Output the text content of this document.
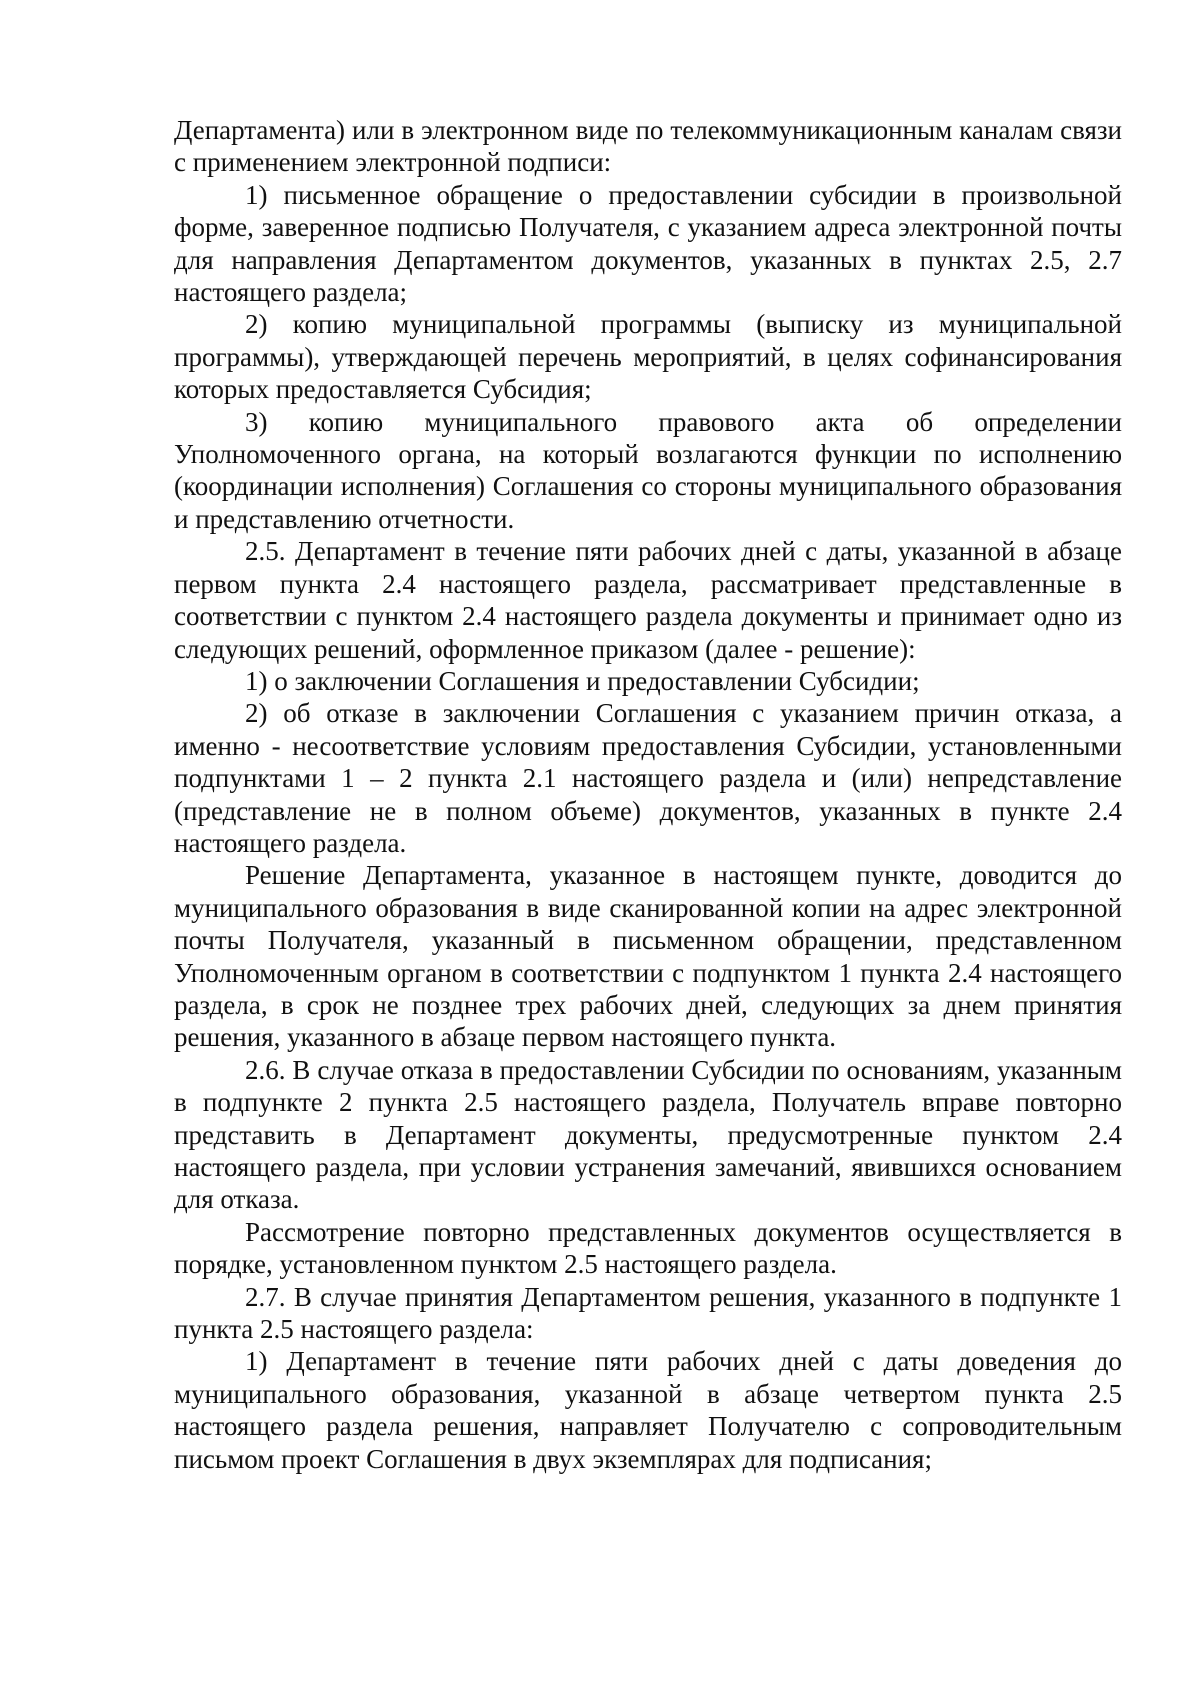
Департамента) или в электронном виде по телекоммуникационным каналам связи с применением электронной подписи:

1) письменное обращение о предоставлении субсидии в произвольной форме, заверенное подписью Получателя, с указанием адреса электронной почты для направления Департаментом документов, указанных в пунктах 2.5, 2.7 настоящего раздела;

2) копию муниципальной программы (выписку из муниципальной программы), утверждающей перечень мероприятий, в целях софинансирования которых предоставляется Субсидия;

3) копию муниципального правового акта об определении Уполномоченного органа, на который возлагаются функции по исполнению (координации исполнения) Соглашения со стороны муниципального образования и представлению отчетности.

2.5. Департамент в течение пяти рабочих дней с даты, указанной в абзаце первом пункта 2.4 настоящего раздела, рассматривает представленные в соответствии с пунктом 2.4 настоящего раздела документы и принимает одно из следующих решений, оформленное приказом (далее - решение):

1) о заключении Соглашения и предоставлении Субсидии;

2) об отказе в заключении Соглашения с указанием причин отказа, а именно - несоответствие условиям предоставления Субсидии, установленными подпунктами 1 – 2 пункта 2.1 настоящего раздела и (или) непредставление (представление не в полном объеме) документов, указанных в пункте 2.4 настоящего раздела.

Решение Департамента, указанное в настоящем пункте, доводится до муниципального образования в виде сканированной копии на адрес электронной почты Получателя, указанный в письменном обращении, представленном Уполномоченным органом в соответствии с подпунктом 1 пункта 2.4 настоящего раздела, в срок не позднее трех рабочих дней, следующих за днем принятия решения, указанного в абзаце первом настоящего пункта.

2.6. В случае отказа в предоставлении Субсидии по основаниям, указанным в подпункте 2 пункта 2.5 настоящего раздела, Получатель вправе повторно представить в Департамент документы, предусмотренные пунктом 2.4 настоящего раздела, при условии устранения замечаний, явившихся основанием для отказа.

Рассмотрение повторно представленных документов осуществляется в порядке, установленном пунктом 2.5 настоящего раздела.

2.7. В случае принятия Департаментом решения, указанного в подпункте 1 пункта 2.5 настоящего раздела:

1) Департамент в течение пяти рабочих дней с даты доведения до муниципального образования, указанной в абзаце четвертом пункта 2.5 настоящего раздела решения, направляет Получателю с сопроводительным письмом проект Соглашения в двух экземплярах для подписания;
